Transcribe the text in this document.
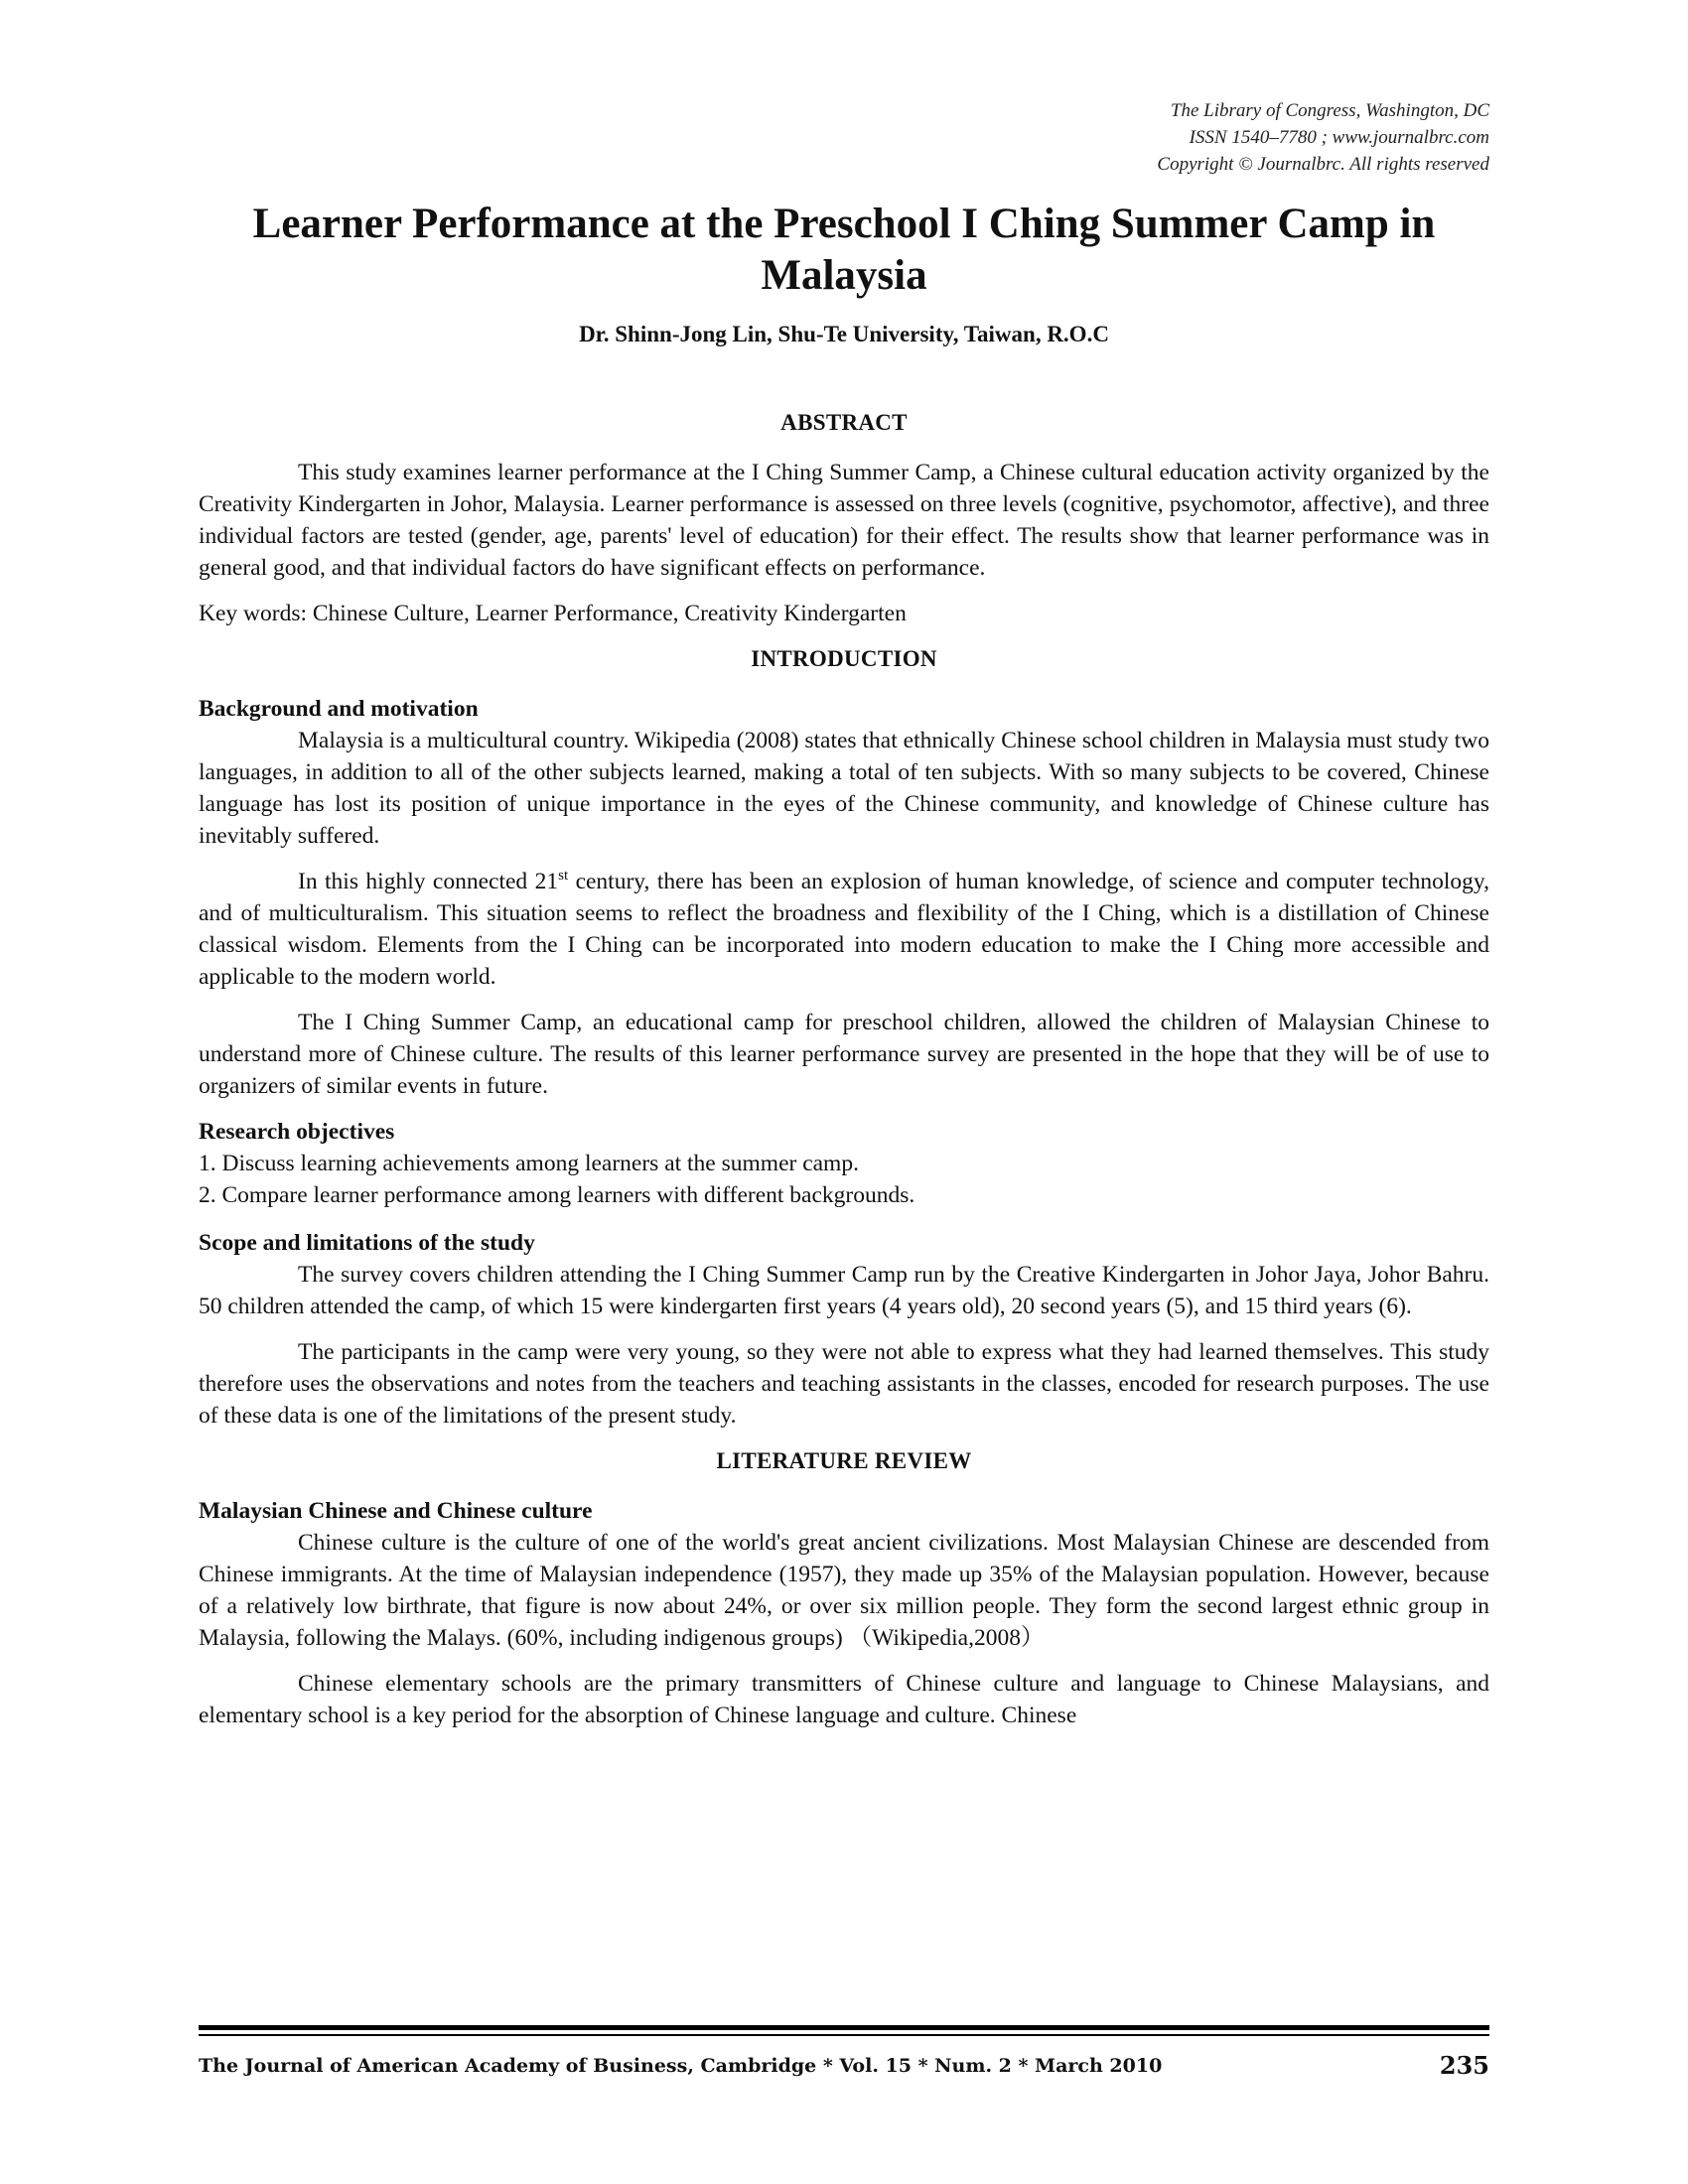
The Library of Congress, Washington, DC
ISSN 1540–7780 ; www.journalbrc.com
Copyright © Journalbrc. All rights reserved
Learner Performance at the Preschool I Ching Summer Camp in Malaysia
Dr. Shinn-Jong Lin, Shu-Te University, Taiwan, R.O.C
ABSTRACT

This study examines learner performance at the I Ching Summer Camp, a Chinese cultural education activity organized by the Creativity Kindergarten in Johor, Malaysia. Learner performance is assessed on three levels (cognitive, psychomotor, affective), and three individual factors are tested (gender, age, parents' level of education) for their effect. The results show that learner performance was in general good, and that individual factors do have significant effects on performance.

Key words: Chinese Culture, Learner Performance, Creativity Kindergarten

INTRODUCTION
Background and motivation

Malaysia is a multicultural country. Wikipedia (2008) states that ethnically Chinese school children in Malaysia must study two languages, in addition to all of the other subjects learned, making a total of ten subjects. With so many subjects to be covered, Chinese language has lost its position of unique importance in the eyes of the Chinese community, and knowledge of Chinese culture has inevitably suffered.

In this highly connected 21st century, there has been an explosion of human knowledge, of science and computer technology, and of multiculturalism. This situation seems to reflect the broadness and flexibility of the I Ching, which is a distillation of Chinese classical wisdom. Elements from the I Ching can be incorporated into modern education to make the I Ching more accessible and applicable to the modern world.

The I Ching Summer Camp, an educational camp for preschool children, allowed the children of Malaysian Chinese to understand more of Chinese culture. The results of this learner performance survey are presented in the hope that they will be of use to organizers of similar events in future.

Research objectives
1. Discuss learning achievements among learners at the summer camp.
2. Compare learner performance among learners with different backgrounds.
Scope and limitations of the study

The survey covers children attending the I Ching Summer Camp run by the Creative Kindergarten in Johor Jaya, Johor Bahru. 50 children attended the camp, of which 15 were kindergarten first years (4 years old), 20 second years (5), and 15 third years (6).

The participants in the camp were very young, so they were not able to express what they had learned themselves. This study therefore uses the observations and notes from the teachers and teaching assistants in the classes, encoded for research purposes. The use of these data is one of the limitations of the present study.

LITERATURE REVIEW
Malaysian Chinese and Chinese culture

Chinese culture is the culture of one of the world's great ancient civilizations. Most Malaysian Chinese are descended from Chinese immigrants. At the time of Malaysian independence (1957), they made up 35% of the Malaysian population. However, because of a relatively low birthrate, that figure is now about 24%, or over six million people. They form the second largest ethnic group in Malaysia, following the Malays. (60%, including indigenous groups) （Wikipedia,2008）

Chinese elementary schools are the primary transmitters of Chinese culture and language to Chinese Malaysians, and elementary school is a key period for the absorption of Chinese language and culture. Chinese

The Journal of American Academy of Business, Cambridge * Vol. 15 * Num. 2 * March 2010	235
